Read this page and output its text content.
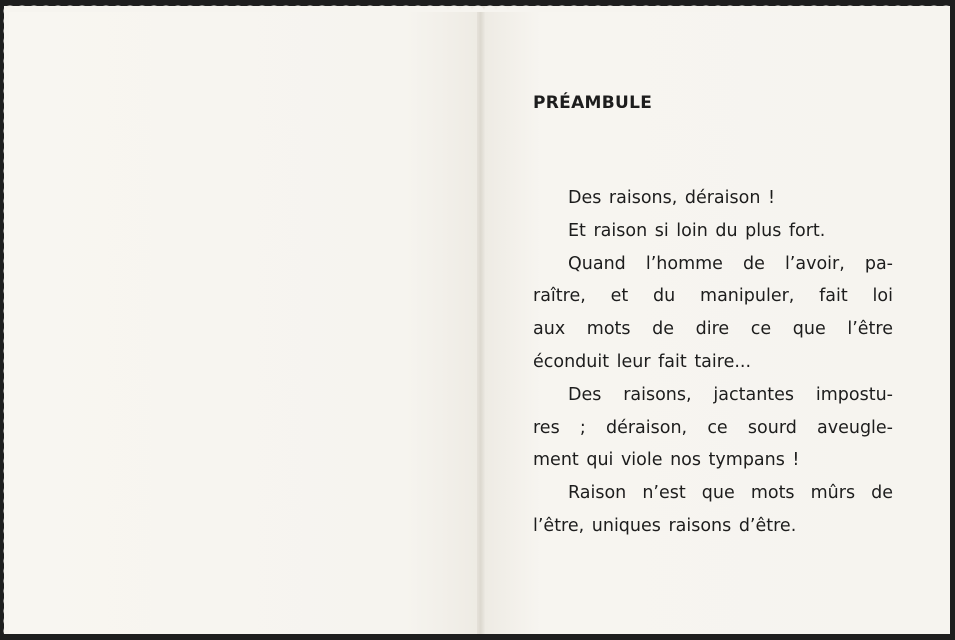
PRÉAMBULE

Des raisons, déraison !

Et raison si loin du plus fort.

Quand l’homme de l’avoir, pa-

raître, et du manipuler, fait loi

aux mots de dire ce que l’être

éconduit leur fait taire...

Des raisons, jactantes impostu-

res ; déraison, ce sourd aveugle-

ment qui viole nos tympans !

Raison n’est que mots mûrs de

l’être, uniques raisons d’être.
